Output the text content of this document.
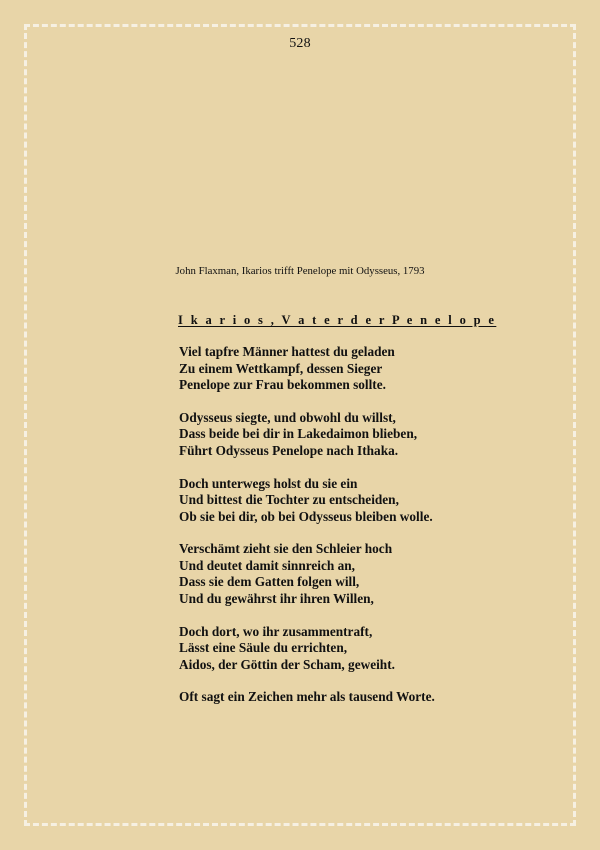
528
John Flaxman, Ikarios trifft Penelope mit Odysseus, 1793
I k a r i o s , V a t e r d e r P e n e l o p e
Viel tapfre Männer hattest du geladen
Zu einem Wettkampf, dessen Sieger
Penelope zur Frau bekommen sollte.
Odysseus siegte, und obwohl du willst,
Dass beide bei dir in Lakedaimon blieben,
Führt Odysseus Penelope nach Ithaka.
Doch unterwegs holst du sie ein
Und bittest die Tochter zu entscheiden,
Ob sie bei dir, ob bei Odysseus bleiben wolle.
Verschämt zieht sie den Schleier hoch
Und deutet damit sinnreich an,
Dass sie dem Gatten folgen will,
Und du gewährst ihr ihren Willen,
Doch dort, wo ihr zusammentraft,
Lässt eine Säule du errichten,
Aidos, der Göttin der Scham, geweiht.
Oft sagt ein Zeichen mehr als tausend Worte.
